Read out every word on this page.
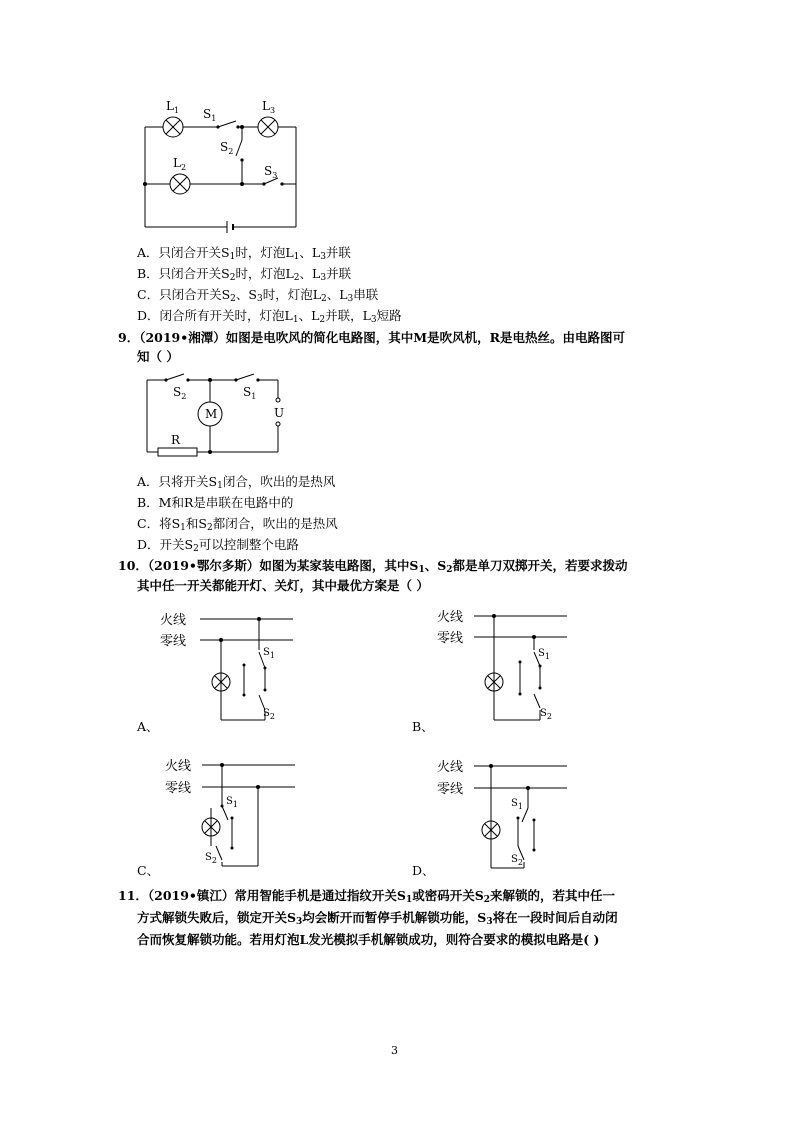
$L_1$ $S_1$
$L_3$
$S_2$
$L_2$	$S_3$
$S_2$	$S_1$
M	U
R
火线
零线
$S_1$
$S_2$
火线
零线
$S_1$
$S_2$
火线
零线
$S_1$
$S_2$
火线
零线
$S_1$
$S_2$
A．只闭合开关$S_1$时，灯泡$L_1$、$L_3$并联
B．只闭合开关$S_2$时，灯泡$L_2$、$L_3$并联
C．只闭合开关$S_2$、$S_3$时，灯泡$L_2$、$L_3$串联
D．闭合所有开关时，灯泡$L_1$、$L_2$并联，$L_3$短路
9．（2019•湘潭）如图是电吹风的简化电路图，其中M是吹风机，R是电热丝。由电路图可
知（ ）
A．只将开关$S_1$闭合，吹出的是热风
B．M和R是串联在电路中的
C．将$S_1$和$S_2$都闭合，吹出的是热风
D．开关$S_2$可以控制整个电路
10．（2019•鄂尔多斯）如图为某家装电路图，其中$S_1$、$S_2$都是单刀双掷开关，若要求拨动
其中任一开关都能开灯、关灯，其中最优方案是（ ）
A、	B、
C、	D、
11．（2019•镇江）常用智能手机是通过指纹开关$S_1$或密码开关$S_2$来解锁的，若其中任一
方式解锁失败后，锁定开关$S_3$均会断开而暂停手机解锁功能，$S_3$将在一段时间后自动闭
合而恢复解锁功能。若用灯泡L发光模拟手机解锁成功，则符合要求的模拟电路是( )
3
